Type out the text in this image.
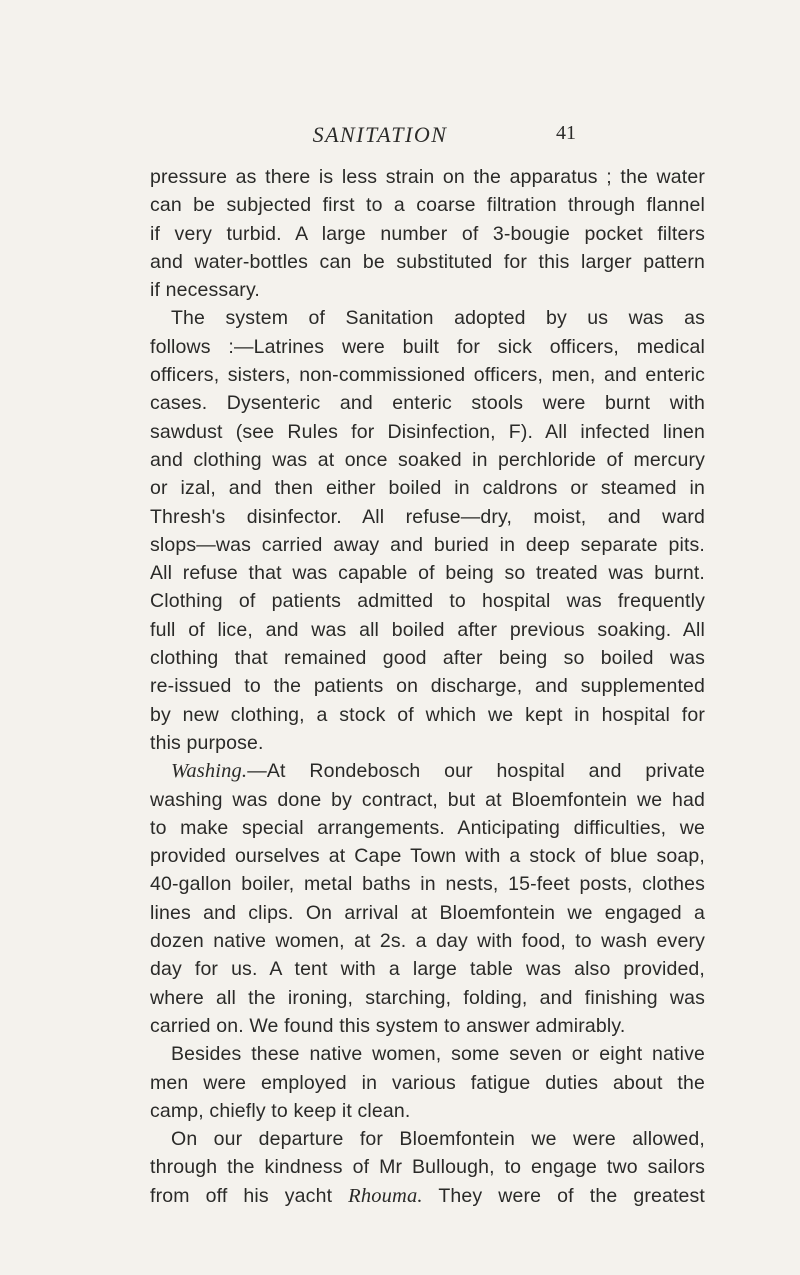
SANITATION	41
pressure as there is less strain on the apparatus ; the water
can be subjected first to a coarse filtration through flannel
if very turbid. A large number of 3-bougie pocket filters
and water-bottles can be substituted for this larger pattern
if necessary.
The system of Sanitation adopted by us was as
follows :—Latrines were built for sick officers, medical
officers, sisters, non-commissioned officers, men, and enteric
cases. Dysenteric and enteric stools were burnt with
sawdust (see Rules for Disinfection, F). All infected linen
and clothing was at once soaked in perchloride of mercury
or izal, and then either boiled in caldrons or steamed in
Thresh's disinfector. All refuse—dry, moist, and ward
slops—was carried away and buried in deep separate pits.
All refuse that was capable of being so treated was burnt.
Clothing of patients admitted to hospital was frequently
full of lice, and was all boiled after previous soaking. All
clothing that remained good after being so boiled was
re-issued to the patients on discharge, and supplemented
by new clothing, a stock of which we kept in hospital for
this purpose.
Washing.—At Rondebosch our hospital and private
washing was done by contract, but at Bloemfontein we had
to make special arrangements. Anticipating difficulties, we
provided ourselves at Cape Town with a stock of blue soap,
40-gallon boiler, metal baths in nests, 15-feet posts, clothes
lines and clips. On arrival at Bloemfontein we engaged a
dozen native women, at 2s. a day with food, to wash every
day for us. A tent with a large table was also provided,
where all the ironing, starching, folding, and finishing was
carried on. We found this system to answer admirably.
Besides these native women, some seven or eight native
men were employed in various fatigue duties about the
camp, chiefly to keep it clean.
On our departure for Bloemfontein we were allowed,
through the kindness of Mr Bullough, to engage two sailors
from off his yacht Rhouma. They were of the greatest
